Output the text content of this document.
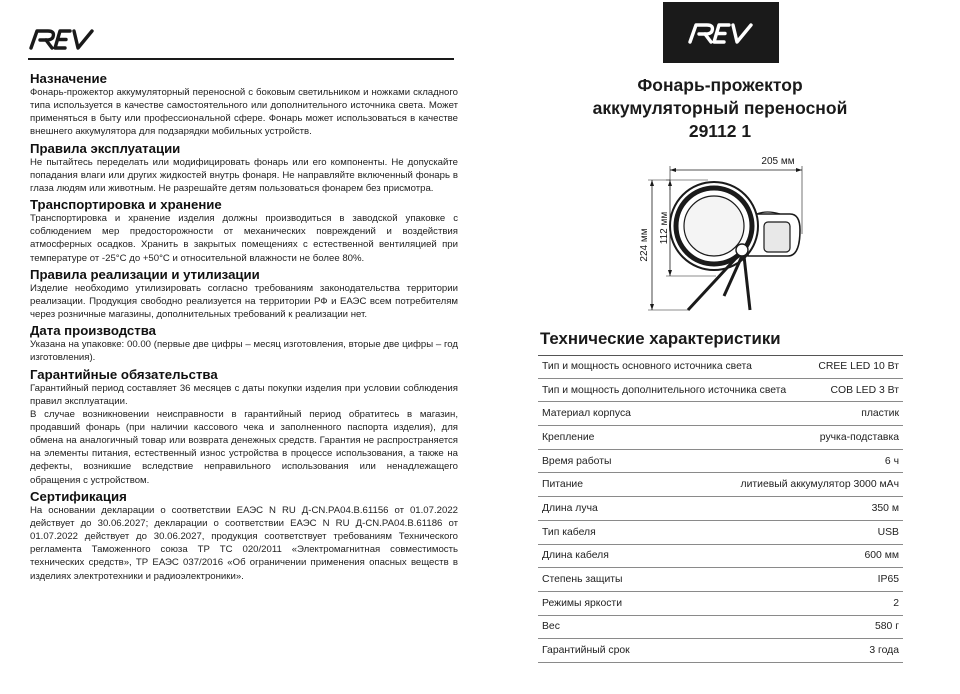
Назначение

Фонарь-прожектор аккумуляторный переносной с боковым светильником и ножками складного типа используется в качестве самостоятельного или дополнительного источника света. Может применяться в быту или профессиональной сфере. Фонарь может использоваться в качестве внешнего аккумулятора для подзарядки мобильных устройств.

Правила эксплуатации

Не пытайтесь переделать или модифицировать фонарь или его компоненты. Не допускайте попадания влаги или других жидкостей внутрь фонаря. Не направляйте включенный фонарь в глаза людям или животным. Не разрешайте детям пользоваться фонарем без присмотра.

Транспортировка и хранение

Транспортировка и хранение изделия должны производиться в заводской упаковке с соблюдением мер предосторожности от механических повреждений и воздействия атмосферных осадков. Хранить в закрытых помещениях с естественной вентиляцией при температуре от -25°С до +50°С и относительной влажности не более 80%.

Правила реализации и утилизации

Изделие необходимо утилизировать согласно требованиям законодательства территории реализации. Продукция свободно реализуется на территории РФ и ЕАЭС всем потребителям через розничные магазины, дополнительных требований к реализации нет.

Дата производства

Указана на упаковке: 00.00 (первые две цифры – месяц изготовления, вторые две цифры – год изготовления).

Гарантийные обязательства

Гарантийный период составляет 36 месяцев с даты покупки изделия при условии соблюдения правил эксплуатации.

В случае возникновении неисправности в гарантийный период обратитесь в магазин, продавший фонарь (при наличии кассового чека и заполненного паспорта изделия), для обмена на аналогичный товар или возврата денежных средств. Гарантия не распространяется на элементы питания, естественный износ устройства в процессе использования, а также на дефекты, возникшие вследствие неправильного использования или ненадлежащего обращения с устройством.

Сертификация

На основании декларации о соответствии ЕАЭС N RU Д-CN.РА04.В.61156 от 01.07.2022 действует до 30.06.2027; декларации о соответствии ЕАЭС N RU Д-CN.РА04.В.61186 от 01.07.2022 действует до 30.06.2027, продукция соответствует требованиям Технического регламента Таможенного союза ТР ТС 020/2011 «Электромагнитная совместимость технических средств», ТР ЕАЭС 037/2016 «Об ограничении применения опасных веществ в изделиях электротехники и радиоэлектроники».

Фонарь-прожектор
аккумуляторный переносной
29112 1
205 мм
112 мм
224 мм
Технические характеристики
Тип и мощность основного источника света	CREE LED 10 Вт
Тип и мощность дополнительного источника света	COB LED 3 Вт
Материал корпуса	пластик
Крепление	ручка-подставка
Время работы	6 ч
Питание	литиевый аккумулятор 3000 мАч
Длина луча	350 м
Тип кабеля	USB
Длина кабеля	600 мм
Степень защиты	IP65
Режимы яркости	2
Вес	580 г
Гарантийный срок	3 года
